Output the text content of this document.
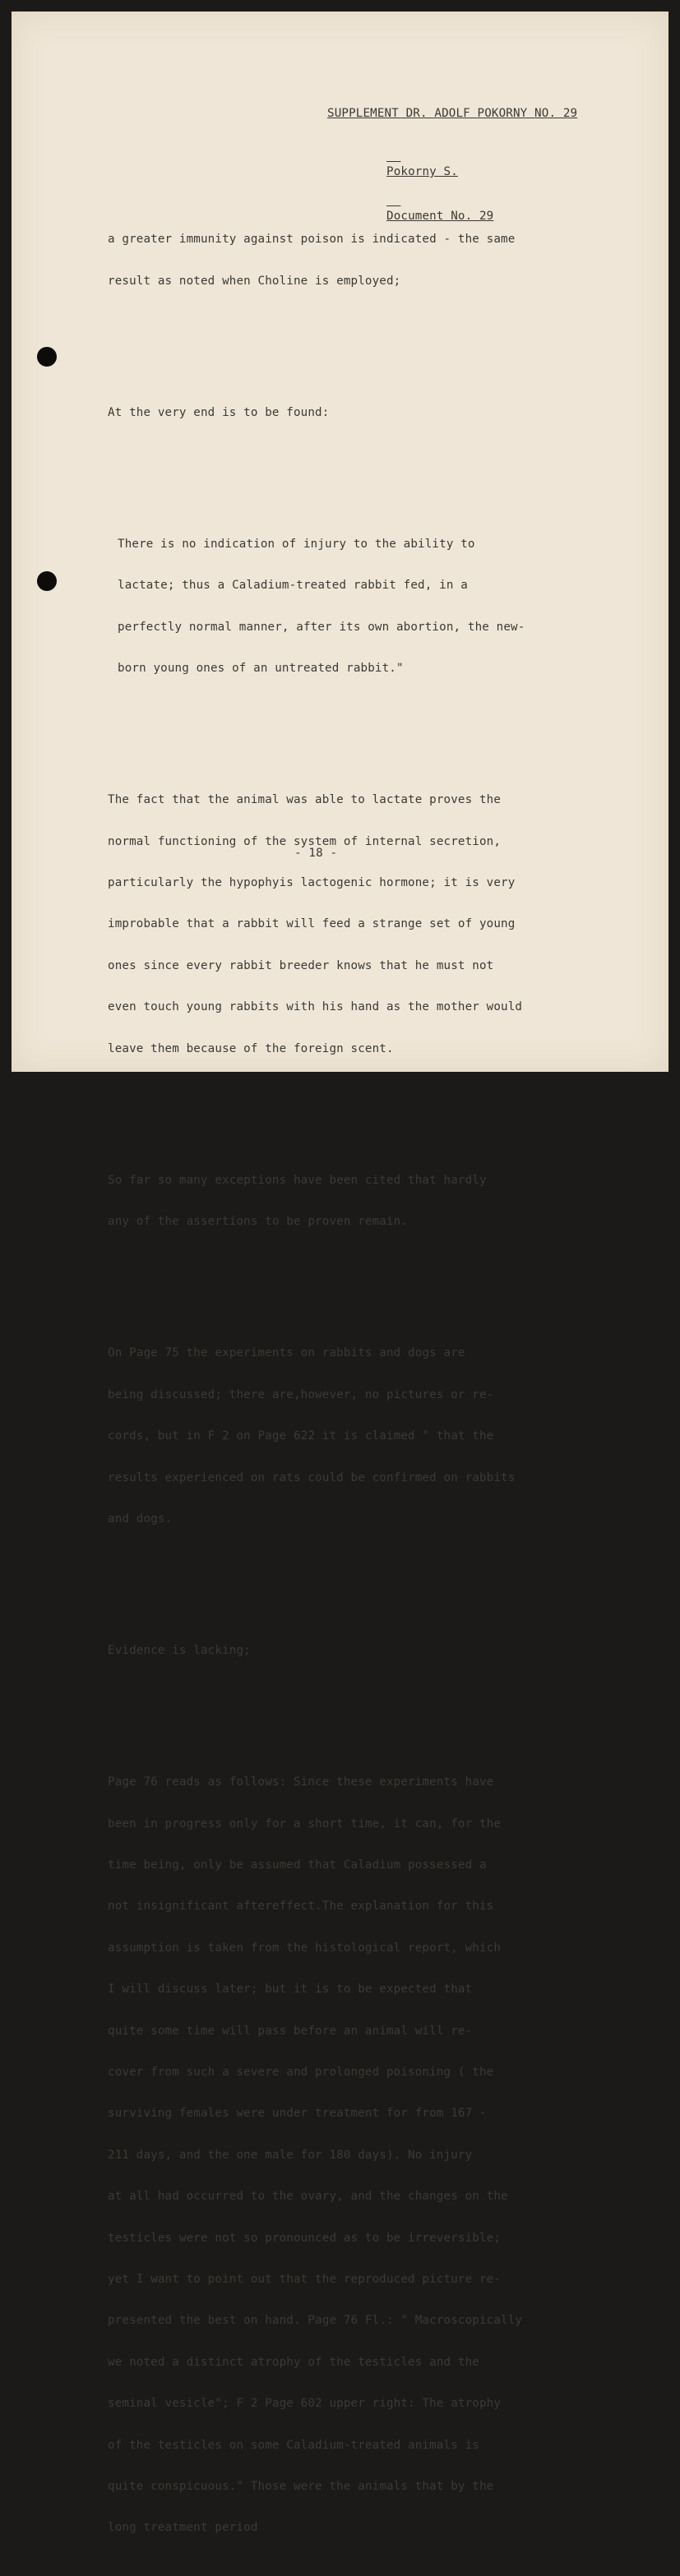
SUPPLEMENT DR. ADOLF POKORNY NO. 29

Pokorny S.

Document No. 29

a greater immunity against poison is indicated - the same

result as noted when Choline is employed;

At the very end is to be found:

There is no indication of injury to the ability to

lactate; thus a Caladium-treated rabbit fed, in a

perfectly normal manner, after its own abortion, the new-

born young ones of an untreated rabbit."

The fact that the animal was able to lactate proves the

normal functioning of the system of internal secretion,

particularly the hypophyis lactogenic hormone; it is very

improbable that a rabbit will feed a strange set of young

ones since every rabbit breeder knows that he must not

even touch young rabbits with his hand as the mother would

leave them because of the foreign scent.

So far so many exceptions have been cited that hardly

any of the assertions to be proven remain.

On Page 75 the experiments on rabbits and dogs are

being discussed; there are,however, no pictures or re-

cords, but in F 2 on Page 622 it is claimed " that the

results experienced on rats could be confirmed on rabbits

and dogs.

Evidence is lacking;

Page 76 reads as follows: Since these experiments have

been in progress only for a short time, it can, for the

time being, only be assumed that Caladium possessed a

not insignificant aftereffect.The explanation for this

assumption is taken from the histological report, which

I will discuss later; but it is to be expected that

quite some time will pass before an animal will re-

cover from such a severe and prolonged poisoning ( the

surviving females were under treatment for from 167 -

211 days, and the one male for 180 days). No injury

at all had occurred to the ovary, and the changes on the

testicles were not so pronounced as to be irreversible;

yet I want to point out that the reproduced picture re-

presented the best on hand. Page 76 Fl.: " Macroscopically

we noted a distinct atrophy of the testicles and the

seminal vesicle"; F 2 Page 602 upper right: The atrophy

of the testicles on some Caladium-treated animals is

quite conspicuous." Those were the animals that by the

long treatment period

- 18 -
